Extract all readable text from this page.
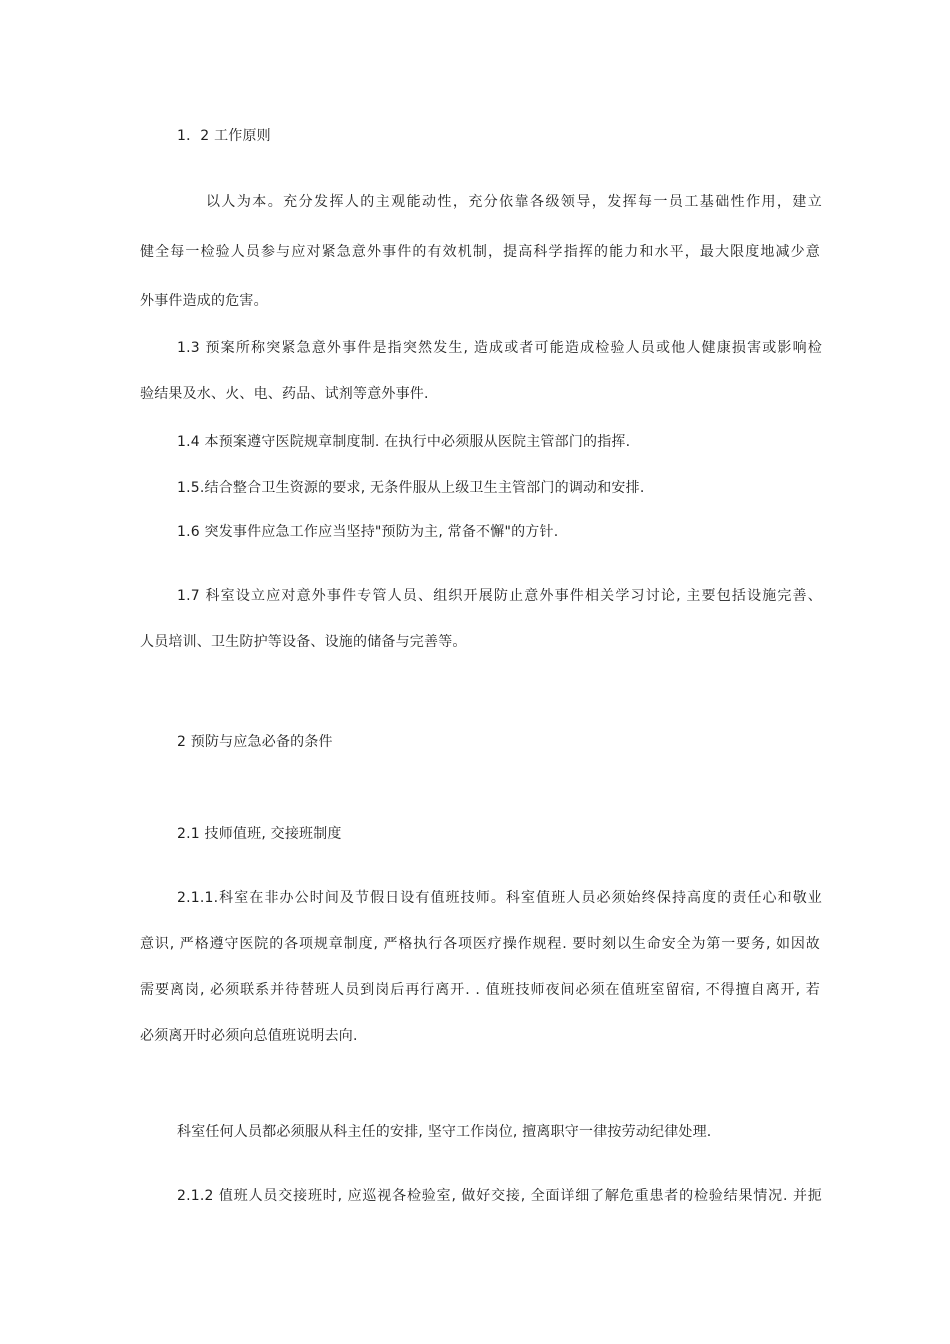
1．2 工作原则
以人为本。充分发挥人的主观能动性，充分依靠各级领导，发挥每一员工基础性作用，建立
健全每一检验人员参与应对紧急意外事件的有效机制，提高科学指挥的能力和水平，最大限度地减少意
外事件造成的危害。
1.3 预案所称突紧急意外事件是指突然发生, 造成或者可能造成检验人员或他人健康损害或影响检
验结果及水、火、电、药品、试剂等意外事件.
1.4 本预案遵守医院规章制度制. 在执行中必须服从医院主管部门的指挥.
1.5.结合整合卫生资源的要求, 无条件服从上级卫生主管部门的调动和安排.
1.6 突发事件应急工作应当坚持"预防为主, 常备不懈"的方针.
1.7 科室设立应对意外事件专管人员、组织开展防止意外事件相关学习讨论, 主要包括设施完善、
人员培训、卫生防护等设备、设施的储备与完善等。
2 预防与应急必备的条件
2.1 技师值班, 交接班制度
2.1.1.科室在非办公时间及节假日设有值班技师。科室值班人员必须始终保持高度的责任心和敬业
意识, 严格遵守医院的各项规章制度, 严格执行各项医疗操作规程. 要时刻以生命安全为第一要务, 如因故
需要离岗, 必须联系并待替班人员到岗后再行离开. . 值班技师夜间必须在值班室留宿, 不得擅自离开, 若
必须离开时必须向总值班说明去向.
科室任何人员都必须服从科主任的安排, 坚守工作岗位, 擅离职守一律按劳动纪律处理.
2.1.2 值班人员交接班时, 应巡视各检验室, 做好交接, 全面详细了解危重患者的检验结果情况. 并扼
